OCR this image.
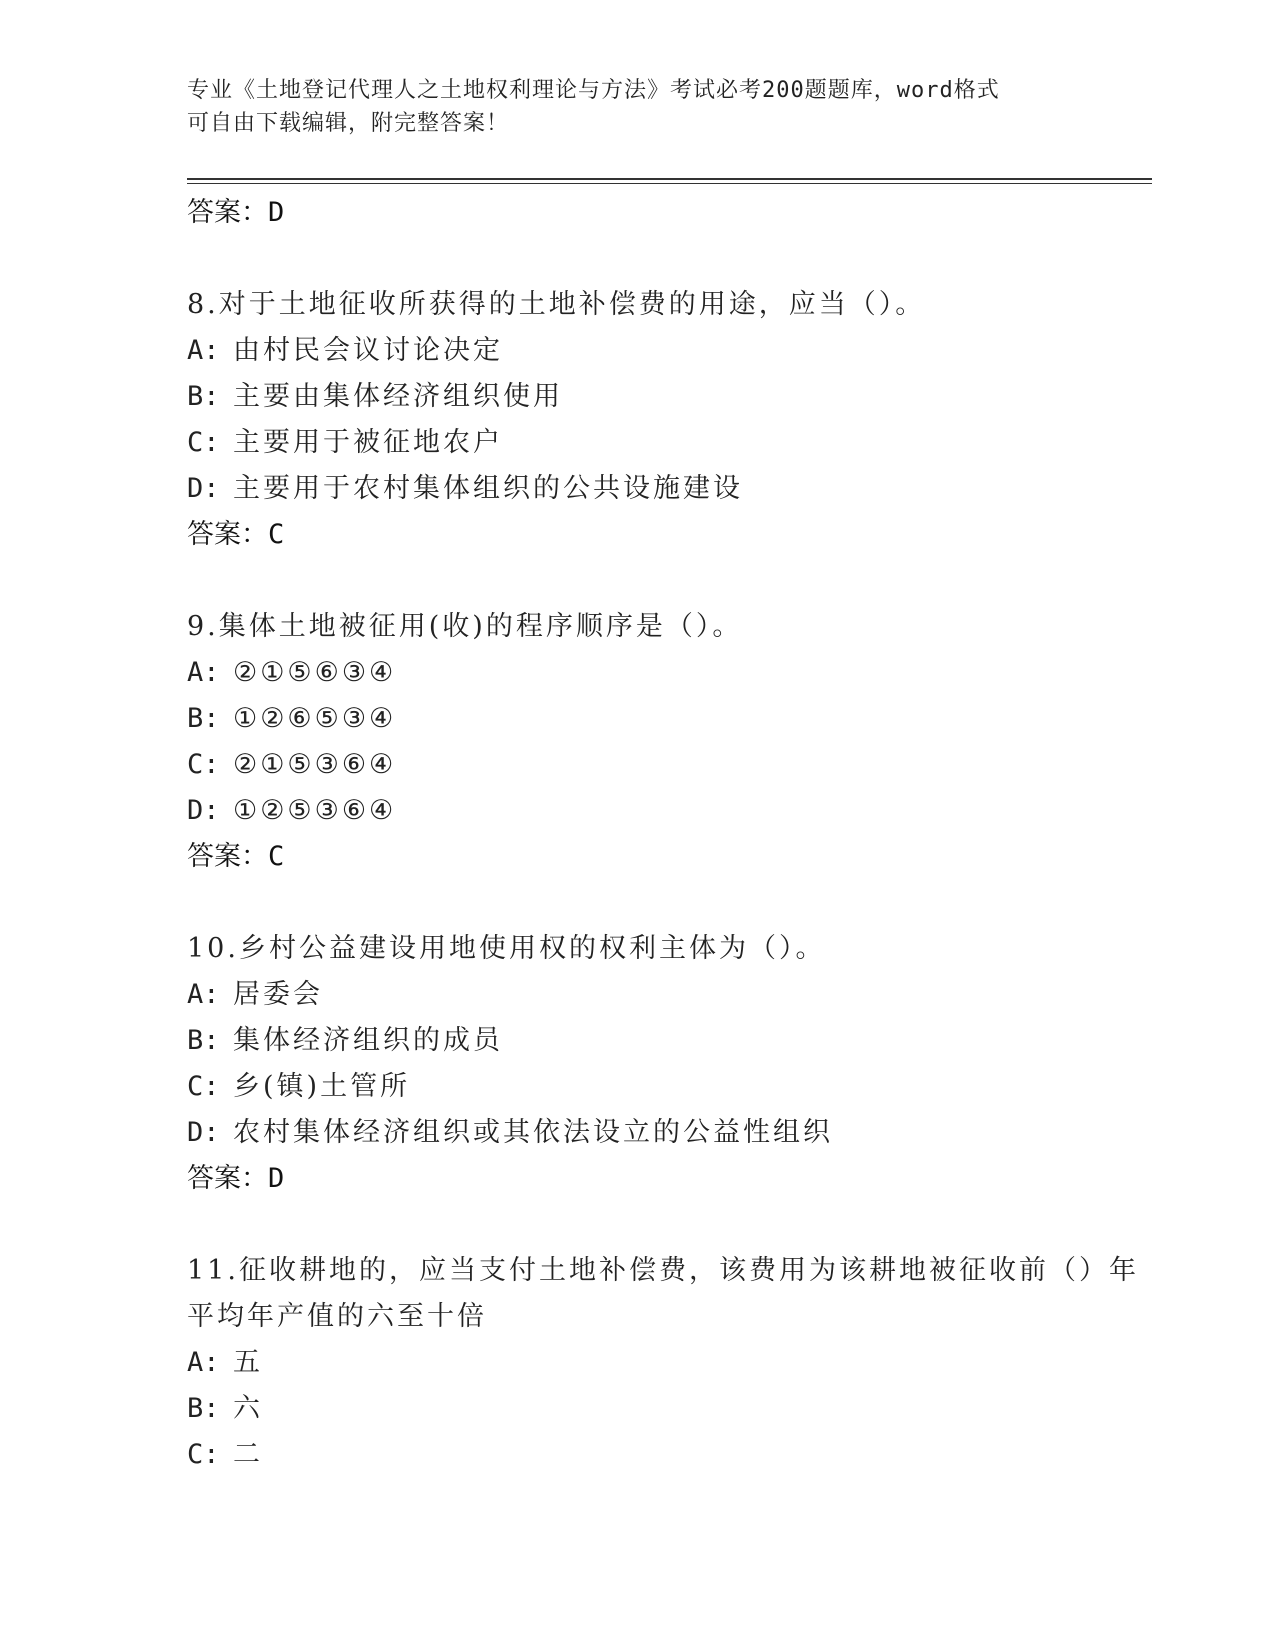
专业《土地登记代理人之土地权利理论与方法》考试必考200题题库，word格式
可自由下载编辑，附完整答案！
答案：D
8.对于土地征收所获得的土地补偿费的用途，应当（）。
A: 由村民会议讨论决定
B: 主要由集体经济组织使用
C: 主要用于被征地农户
D: 主要用于农村集体组织的公共设施建设
答案：C
9.集体土地被征用(收)的程序顺序是（）。
A: ②①⑤⑥③④
B: ①②⑥⑤③④
C: ②①⑤③⑥④
D: ①②⑤③⑥④
答案：C
10.乡村公益建设用地使用权的权利主体为（）。
A: 居委会
B: 集体经济组织的成员
C: 乡(镇)土管所
D: 农村集体经济组织或其依法设立的公益性组织
答案：D
11.征收耕地的，应当支付土地补偿费，该费用为该耕地被征收前（）年平均年产值的六至十倍
A: 五
B: 六
C: 二
